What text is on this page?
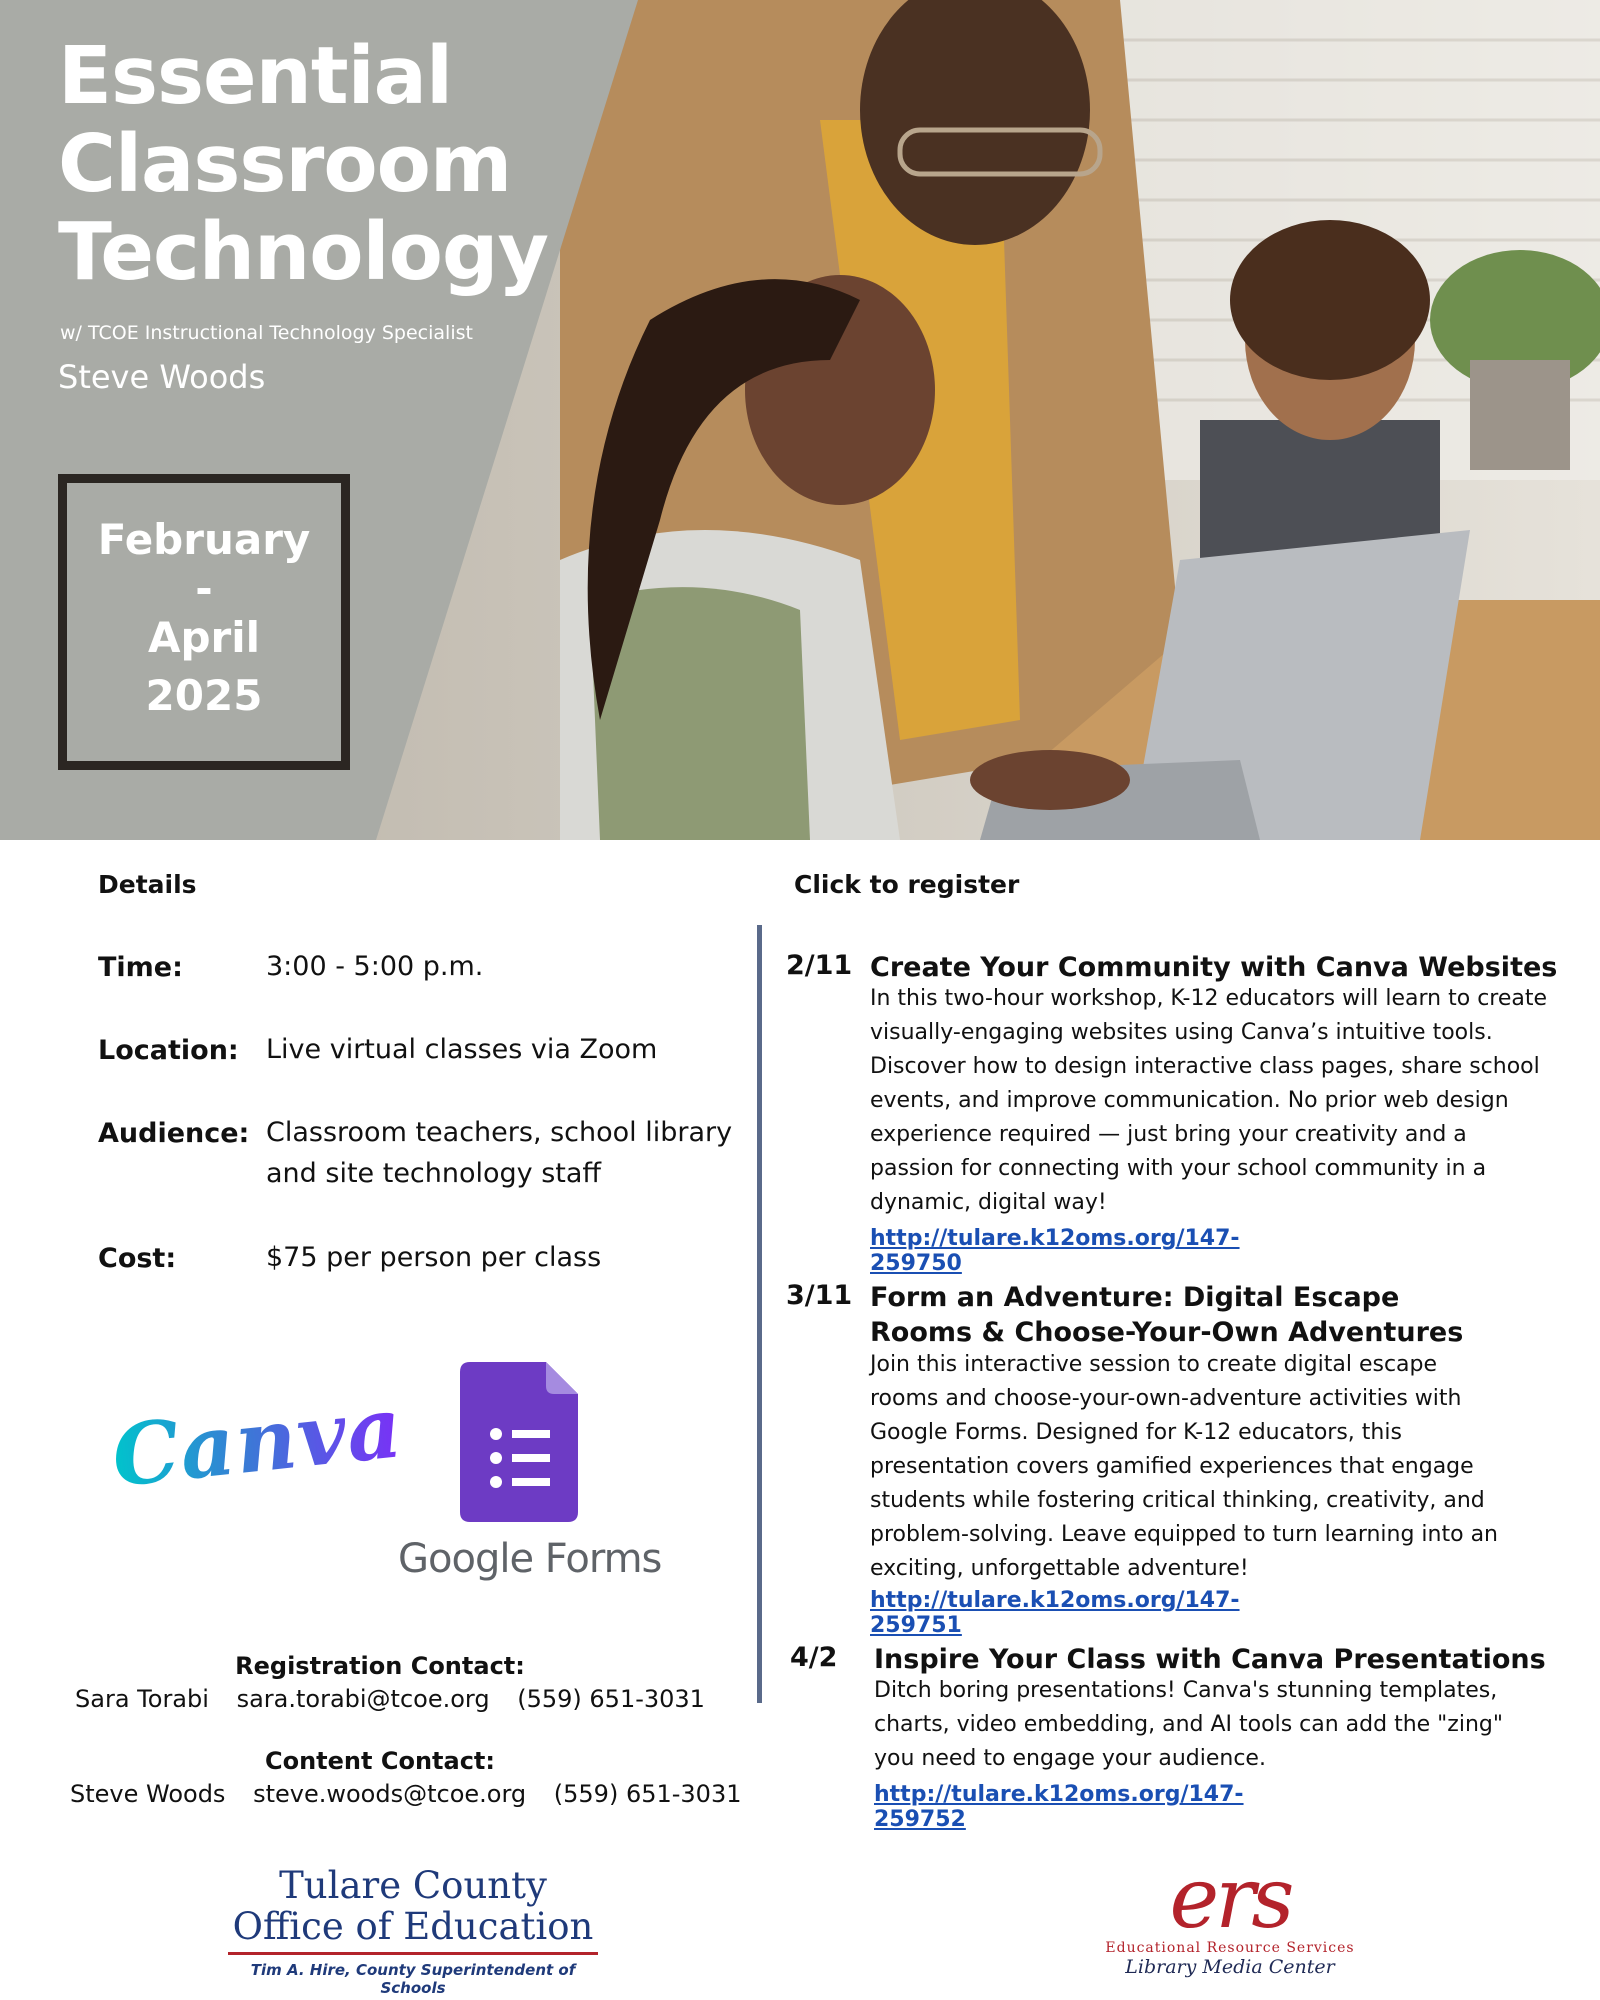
Essential
Classroom
Technology
w/ TCOE Instructional Technology Specialist
Steve Woods
February
-
April
2025
Details
Time:	3:00 - 5:00 p.m.
Location: Live virtual classes via Zoom
Audience: Classroom teachers, school library and site technology staff
Cost:	$75 per person per class
Canva
Google Forms
Registration Contact:
Sara Torabi sara.torabi@tcoe.org (559) 651-3031
Content Contact:
Steve Woods steve.woods@tcoe.org (559) 651-3031
Click to register
2/11 Create Your Community with Canva Websites
In this two-hour workshop, K-12 educators will learn to create visually-engaging websites using Canva’s intuitive tools. Discover how to design interactive class pages, share school events, and improve communication. No prior web design experience required — just bring your creativity and a passion for connecting with your school community in a dynamic, digital way!
http://tulare.k12oms.org/147-259750
3/11 Form an Adventure: Digital Escape Rooms & Choose-Your-Own Adventures
Join this interactive session to create digital escape rooms and choose-your-own-adventure activities with Google Forms. Designed for K-12 educators, this presentation covers gamified experiences that engage students while fostering critical thinking, creativity, and problem-solving. Leave equipped to turn learning into an exciting, unforgettable adventure!
http://tulare.k12oms.org/147-259751
4/2 Inspire Your Class with Canva Presentations
Ditch boring presentations! Canva's stunning templates, charts, video embedding, and AI tools can add the "zing" you need to engage your audience.
http://tulare.k12oms.org/147-259752
Tulare County
Office of Education
Tim A. Hire, County Superintendent of Schools
ers
Educational Resource Services
Library Media Center
